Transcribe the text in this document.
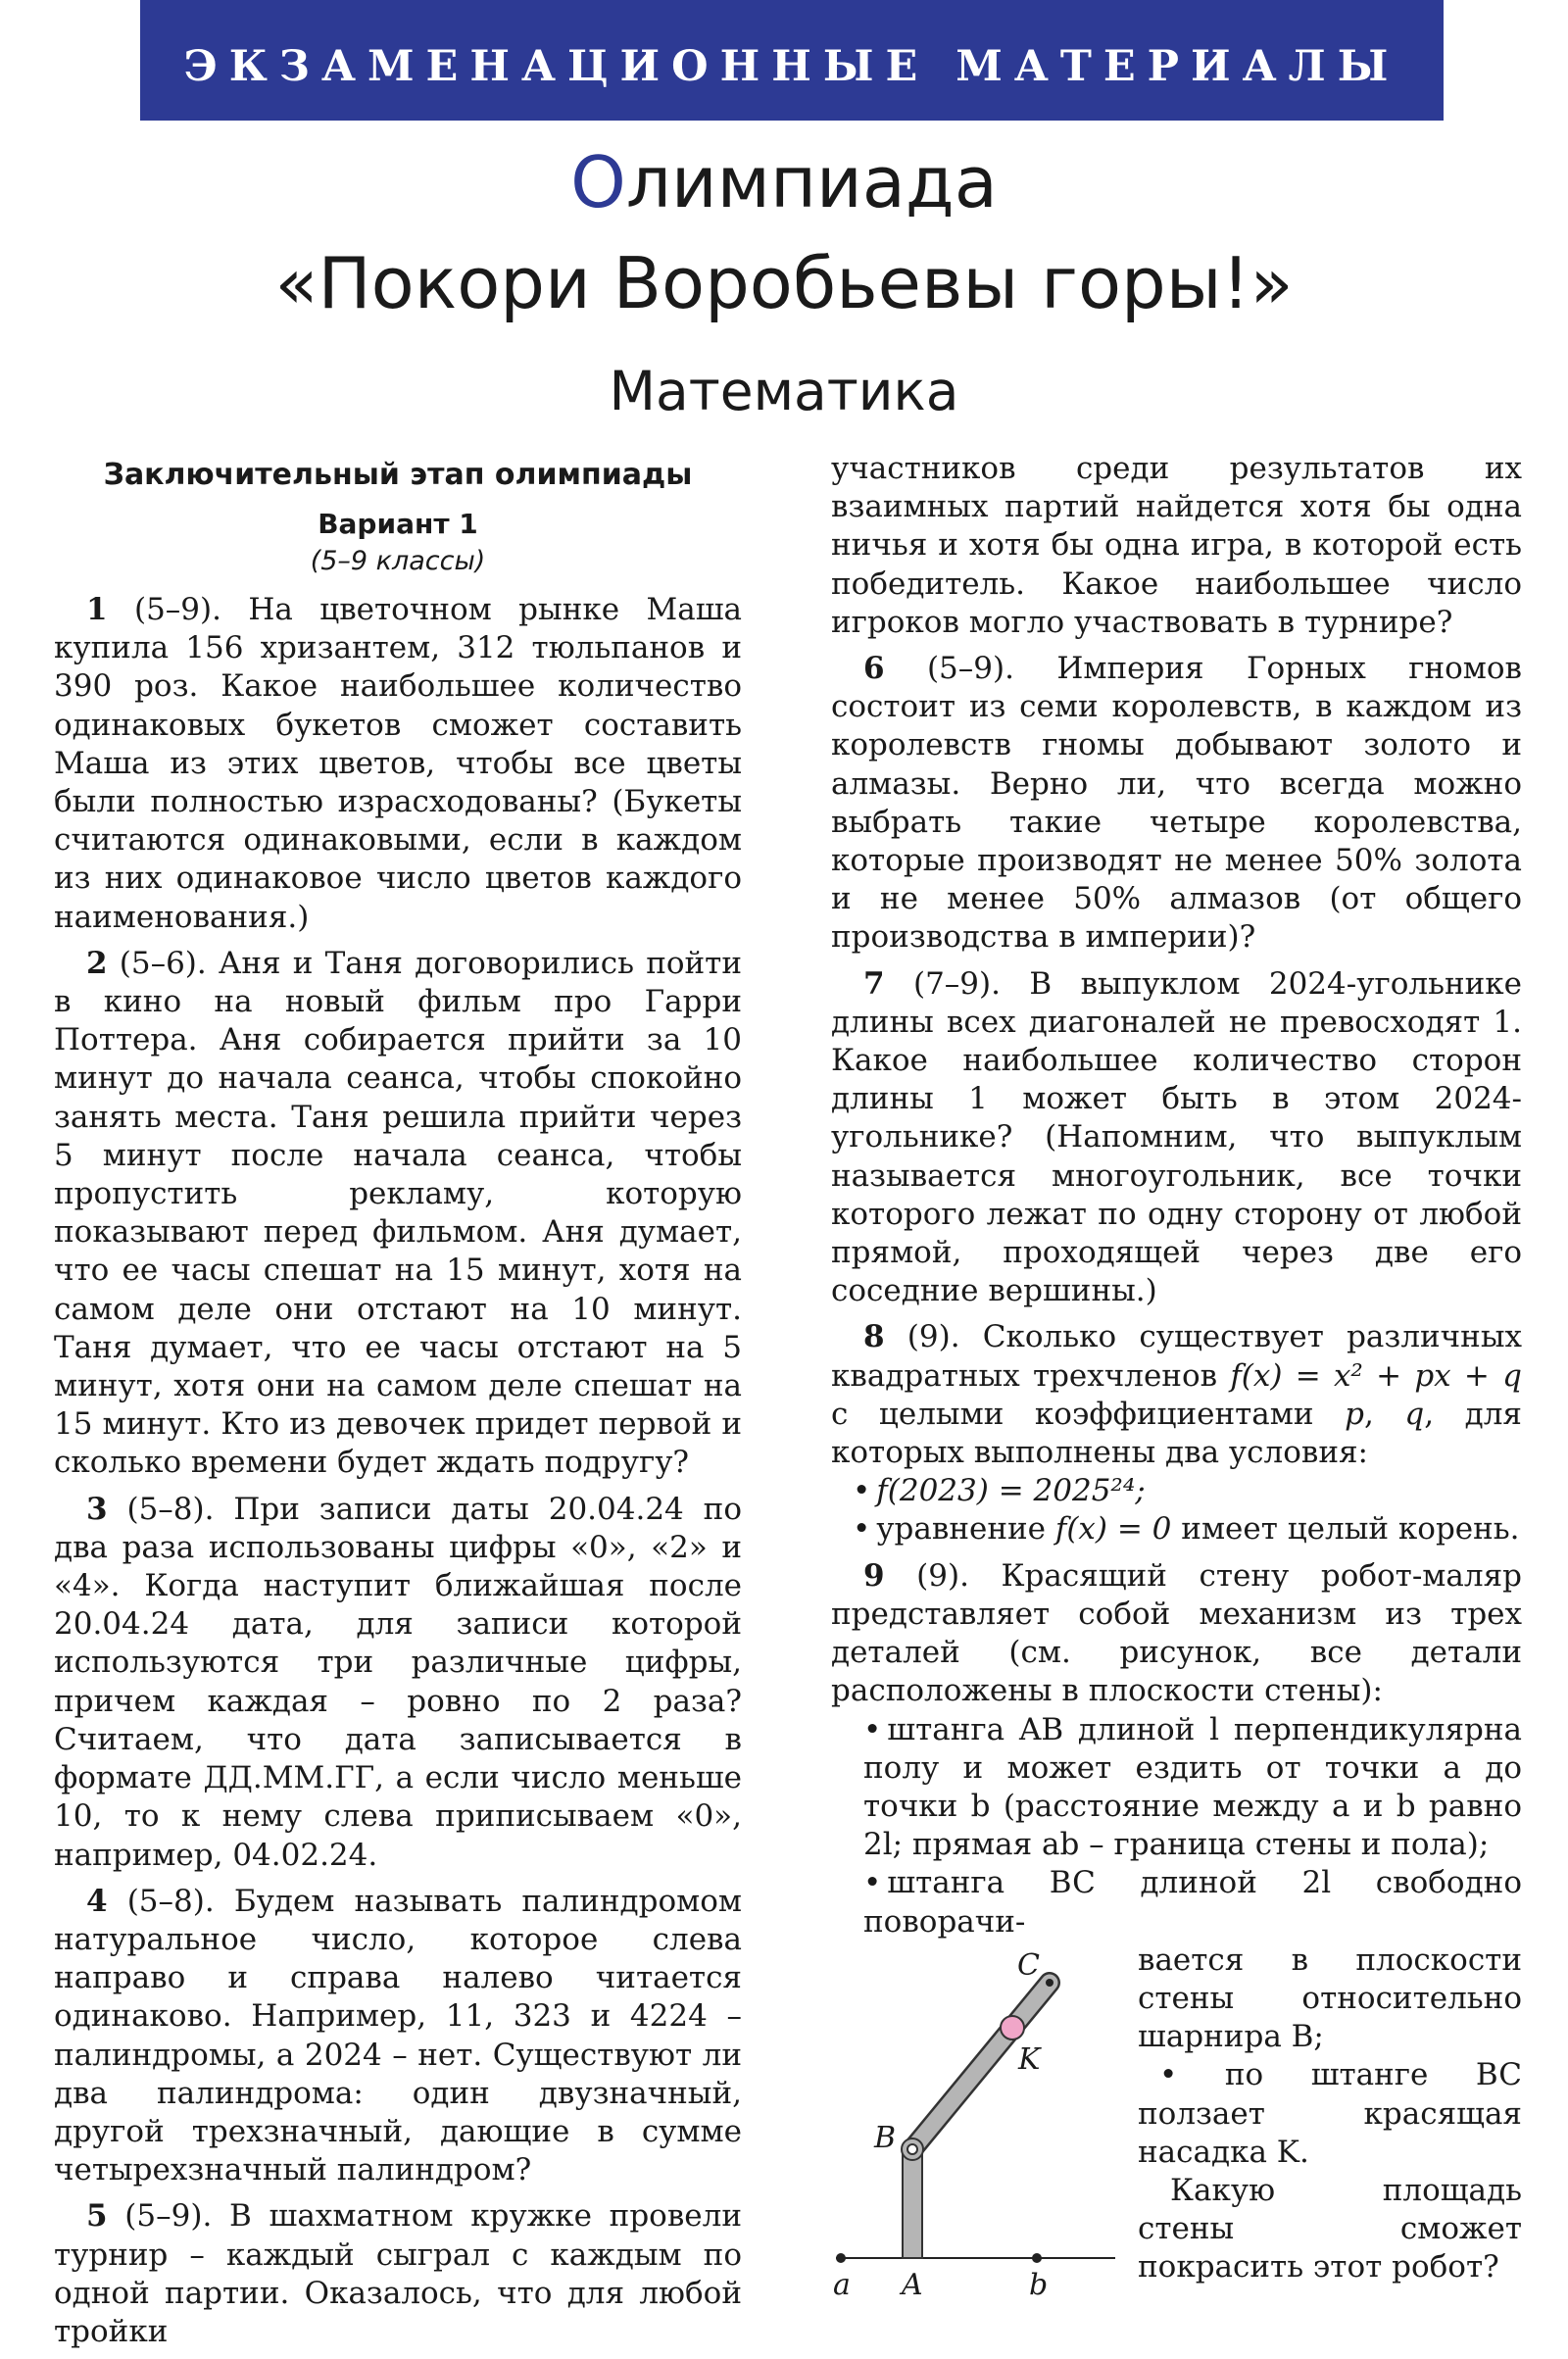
ЭКЗАМЕНАЦИОННЫЕ МАТЕРИАЛЫ
Олимпиада
«Покори Воробьевы горы!»
Математика
Заключительный этап олимпиады
Вариант 1
(5–9 классы)

1 (5–9). На цветочном рынке Маша купила 156 хризантем, 312 тюльпанов и 390 роз. Какое наибольшее количество одинаковых букетов сможет составить Маша из этих цветов, чтобы все цветы были полностью израсходованы? (Букеты считаются одинаковыми, если в каждом из них одинаковое число цветов каждого наименования.)

2 (5–6). Аня и Таня договорились пойти в кино на новый фильм про Гарри Поттера. Аня собирается прийти за 10 минут до начала сеанса, чтобы спокойно занять места. Таня решила прийти через 5 минут после начала сеанса, чтобы пропустить рекламу, которую показывают перед фильмом. Аня думает, что ее часы спешат на 15 минут, хотя на самом деле они отстают на 10 минут. Таня думает, что ее часы отстают на 5 минут, хотя они на самом деле спешат на 15 минут. Кто из девочек придет первой и сколько времени будет ждать подругу?

3 (5–8). При записи даты 20.04.24 по два раза использованы цифры «0», «2» и «4». Когда наступит ближайшая после 20.04.24 дата, для записи которой используются три различные цифры, причем каждая – ровно по 2 раза? Считаем, что дата записывается в формате ДД.ММ.ГГ, а если число меньше 10, то к нему слева приписываем «0», например, 04.02.24.

4 (5–8). Будем называть палиндромом натуральное число, которое слева направо и справа налево читается одинаково. Например, 11, 323 и 4224 – палиндромы, а 2024 – нет. Существуют ли два палиндрома: один двузначный, другой трехзначный, дающие в сумме четырехзначный палиндром?

5 (5–9). В шахматном кружке провели турнир – каждый сыграл с каждым по одной партии. Оказалось, что для любой тройки

участников среди результатов их взаимных партий найдется хотя бы одна ничья и хотя бы одна игра, в которой есть победитель. Какое наибольшее число игроков могло участвовать в турнире?

6 (5–9). Империя Горных гномов состоит из семи королевств, в каждом из королевств гномы добывают золото и алмазы. Верно ли, что всегда можно выбрать такие четыре королевства, которые производят не менее 50% золота и не менее 50% алмазов (от общего производства в империи)?

7 (7–9). В выпуклом 2024-угольнике длины всех диагоналей не превосходят 1. Какое наибольшее количество сторон длины 1 может быть в этом 2024-угольнике? (Напомним, что выпуклым называется многоугольник, все точки которого лежат по одну сторону от любой прямой, проходящей через две его соседние вершины.)

8 (9). Сколько существует различных квадратных трехчленов f(x) = x² + px + q с целыми коэффициентами p, q, для которых выполнены два условия:

• f(2023) = 2025²⁴;

• уравнение f(x) = 0 имеет целый корень.

9 (9). Красящий стену робот-маляр представляет собой механизм из трех деталей (см. рисунок, все детали расположены в плоскости стены):

• штанга AB длиной l перпендикулярна полу и может ездить от точки a до точки b (расстояние между a и b равно 2l; прямая ab – граница стены и пола);

• штанга BC длиной 2l свободно поворачи-

C
K
B
a A	b
вается в плоскости стены относительно шарнира B;
• по штанге BC ползает красящая насадка K.
Какую площадь стены сможет покрасить этот робот?
